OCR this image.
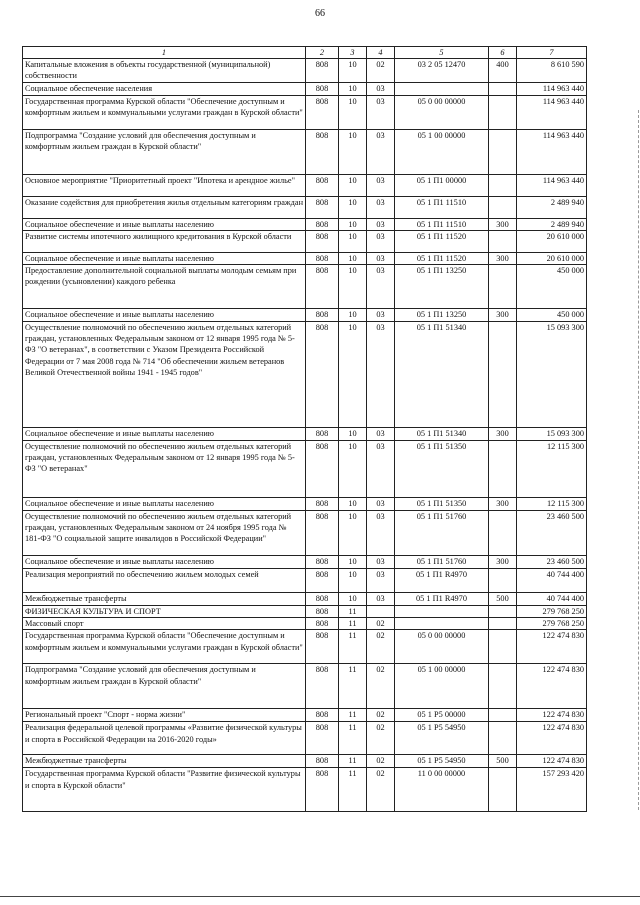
66
1	2	3	4	5	6	7
Капитальные вложения в объекты государственной (муниципальной) собственности	808	10	02	03 2 05 12470	400	8 610 590
Социальное обеспечение населения	808	10	03			114 963 440
Государственная программа Курской области "Обеспечение доступным и комфортным жильем и коммунальными услугами граждан в Курской области"	808	10	03	05 0 00 00000		114 963 440
Подпрограмма "Создание условий для обеспечения доступным и комфортным жильем граждан в Курской области"	808	10	03	05 1 00 00000		114 963 440
Основное мероприятие "Приоритетный проект "Ипотека и арендное жилье"	808	10	03	05 1 П1 00000		114 963 440
Оказание содействия для приобретения жилья отдельным категориям граждан	808	10	03	05 1 П1 11510		2 489 940
Социальное обеспечение и иные выплаты населению	808	10	03	05 1 П1 11510	300	2 489 940
Развитие системы ипотечного жилищного кредитования в Курской области	808	10	03	05 1 П1 11520		20 610 000
Социальное обеспечение и иные выплаты населению	808	10	03	05 1 П1 11520	300	20 610 000
Предоставление дополнительной социальной выплаты молодым семьям при рождении (усыновлении) каждого ребенка	808	10	03	05 1 П1 13250		450 000
Социальное обеспечение и иные выплаты населению	808	10	03	05 1 П1 13250	300	450 000
Осуществление полномочий по обеспечению жильем отдельных категорий граждан, установленных Федеральным законом от 12 января 1995 года № 5-ФЗ "О ветеранах", в соответствии с Указом Президента Российской Федерации от 7 мая 2008 года № 714 "Об обеспечении жильем ветеранов Великой Отечественной войны 1941 - 1945 годов"	808	10	03	05 1 П1 51340		15 093 300
Социальное обеспечение и иные выплаты населению	808	10	03	05 1 П1 51340	300	15 093 300
Осуществление полномочий по обеспечению жильем отдельных категорий граждан, установленных Федеральным законом от 12 января 1995 года № 5-ФЗ "О ветеранах"	808	10	03	05 1 П1 51350		12 115 300
Социальное обеспечение и иные выплаты населению	808	10	03	05 1 П1 51350	300	12 115 300
Осуществление полномочий по обеспечению жильем отдельных категорий граждан, установленных Федеральным законом от 24 ноября 1995 года № 181-ФЗ "О социальной защите инвалидов в Российской Федерации"	808	10	03	05 1 П1 51760		23 460 500
Социальное обеспечение и иные выплаты населению	808	10	03	05 1 П1 51760	300	23 460 500
Реализация мероприятий по обеспечению жильем молодых семей	808	10	03	05 1 П1 R4970		40 744 400
Межбюджетные трансферты	808	10	03	05 1 П1 R4970	500	40 744 400
ФИЗИЧЕСКАЯ КУЛЬТУРА И СПОРТ	808	11				279 768 250
Массовый спорт	808	11	02			279 768 250
Государственная программа Курской области "Обеспечение доступным и комфортным жильем и коммунальными услугами граждан в Курской области"	808	11	02	05 0 00 00000		122 474 830
Подпрограмма "Создание условий для обеспечения доступным и комфортным жильем граждан в Курской области"	808	11	02	05 1 00 00000		122 474 830
Региональный проект "Спорт - норма жизни"	808	11	02	05 1 P5 00000		122 474 830
Реализация федеральной целевой программы «Развитие физической культуры и спорта в Российской Федерации на 2016-2020 годы»	808	11	02	05 1 P5 54950		122 474 830
Межбюджетные трансферты	808	11	02	05 1 P5 54950	500	122 474 830
Государственная программа Курской области "Развитие физической культуры и спорта в Курской области"	808	11	02	11 0 00 00000		157 293 420
